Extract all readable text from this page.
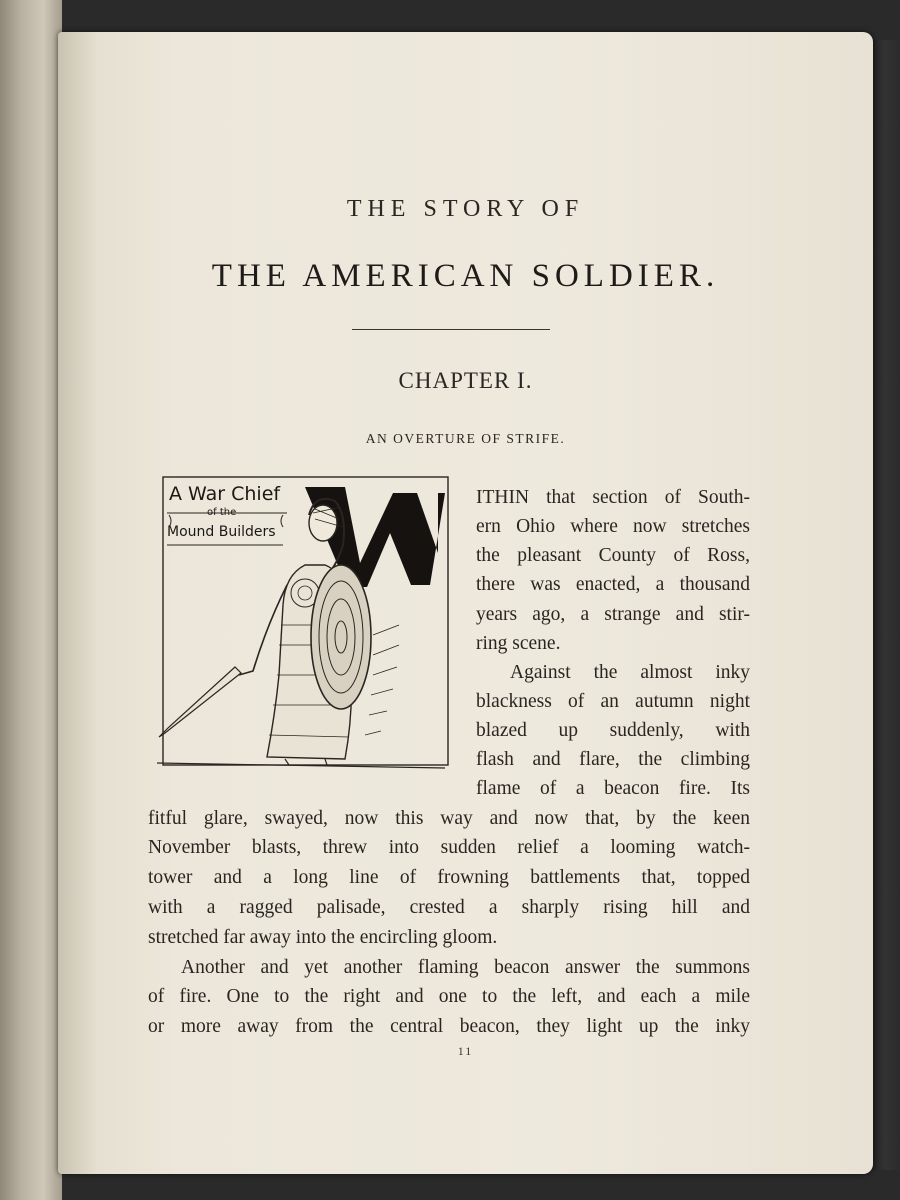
THE STORY OF
THE AMERICAN SOLDIER.
CHAPTER I.
AN OVERTURE OF STRIFE.
A War Chief
of the
Mound Builders
ITHIN that section of South-
ern Ohio where now stretches
the pleasant County of Ross,
there was enacted, a thousand
years ago, a strange and stir-
ring scene.
Against the almost inky
blackness of an autumn night
blazed up suddenly, with
flash and flare, the climbing
flame of a beacon fire. Its
fitful glare, swayed, now this way and now that, by the keen
November blasts, threw into sudden relief a looming watch-
tower and a long line of frowning battlements that, topped
with a ragged palisade, crested a sharply rising hill and
stretched far away into the encircling gloom.
Another and yet another flaming beacon answer the summons
of fire. One to the right and one to the left, and each a mile
or more away from the central beacon, they light up the inky
11
